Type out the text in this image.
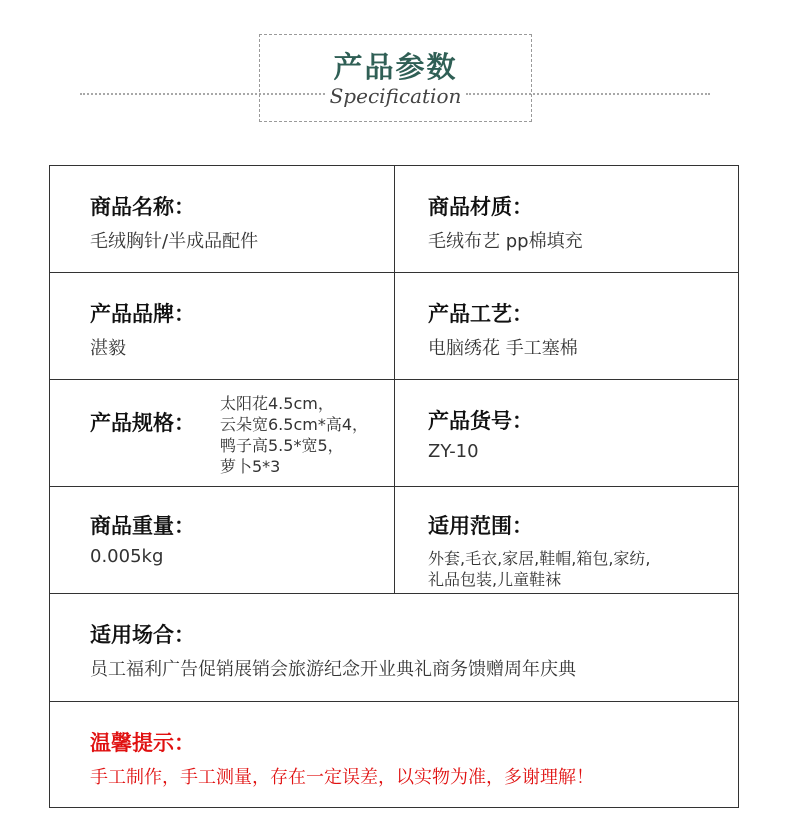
产品参数
Specification
商品名称：
毛绒胸针/半成品配件
商品材质：
毛绒布艺 pp棉填充
产品品牌：
湛毅
产品工艺：
电脑绣花 手工塞棉
产品规格：
太阳花4.5cm，
云朵宽6.5cm*高4，
鸭子高5.5*宽5，
萝卜5*3
产品货号：
ZY-10
商品重量：
0.005kg
适用范围：
外套,毛衣,家居,鞋帽,箱包,家纺,
礼品包装,儿童鞋袜
适用场合：
员工福利广告促销展销会旅游纪念开业典礼商务馈赠周年庆典
温馨提示：
手工制作，手工测量，存在一定误差，以实物为准，多谢理解！
